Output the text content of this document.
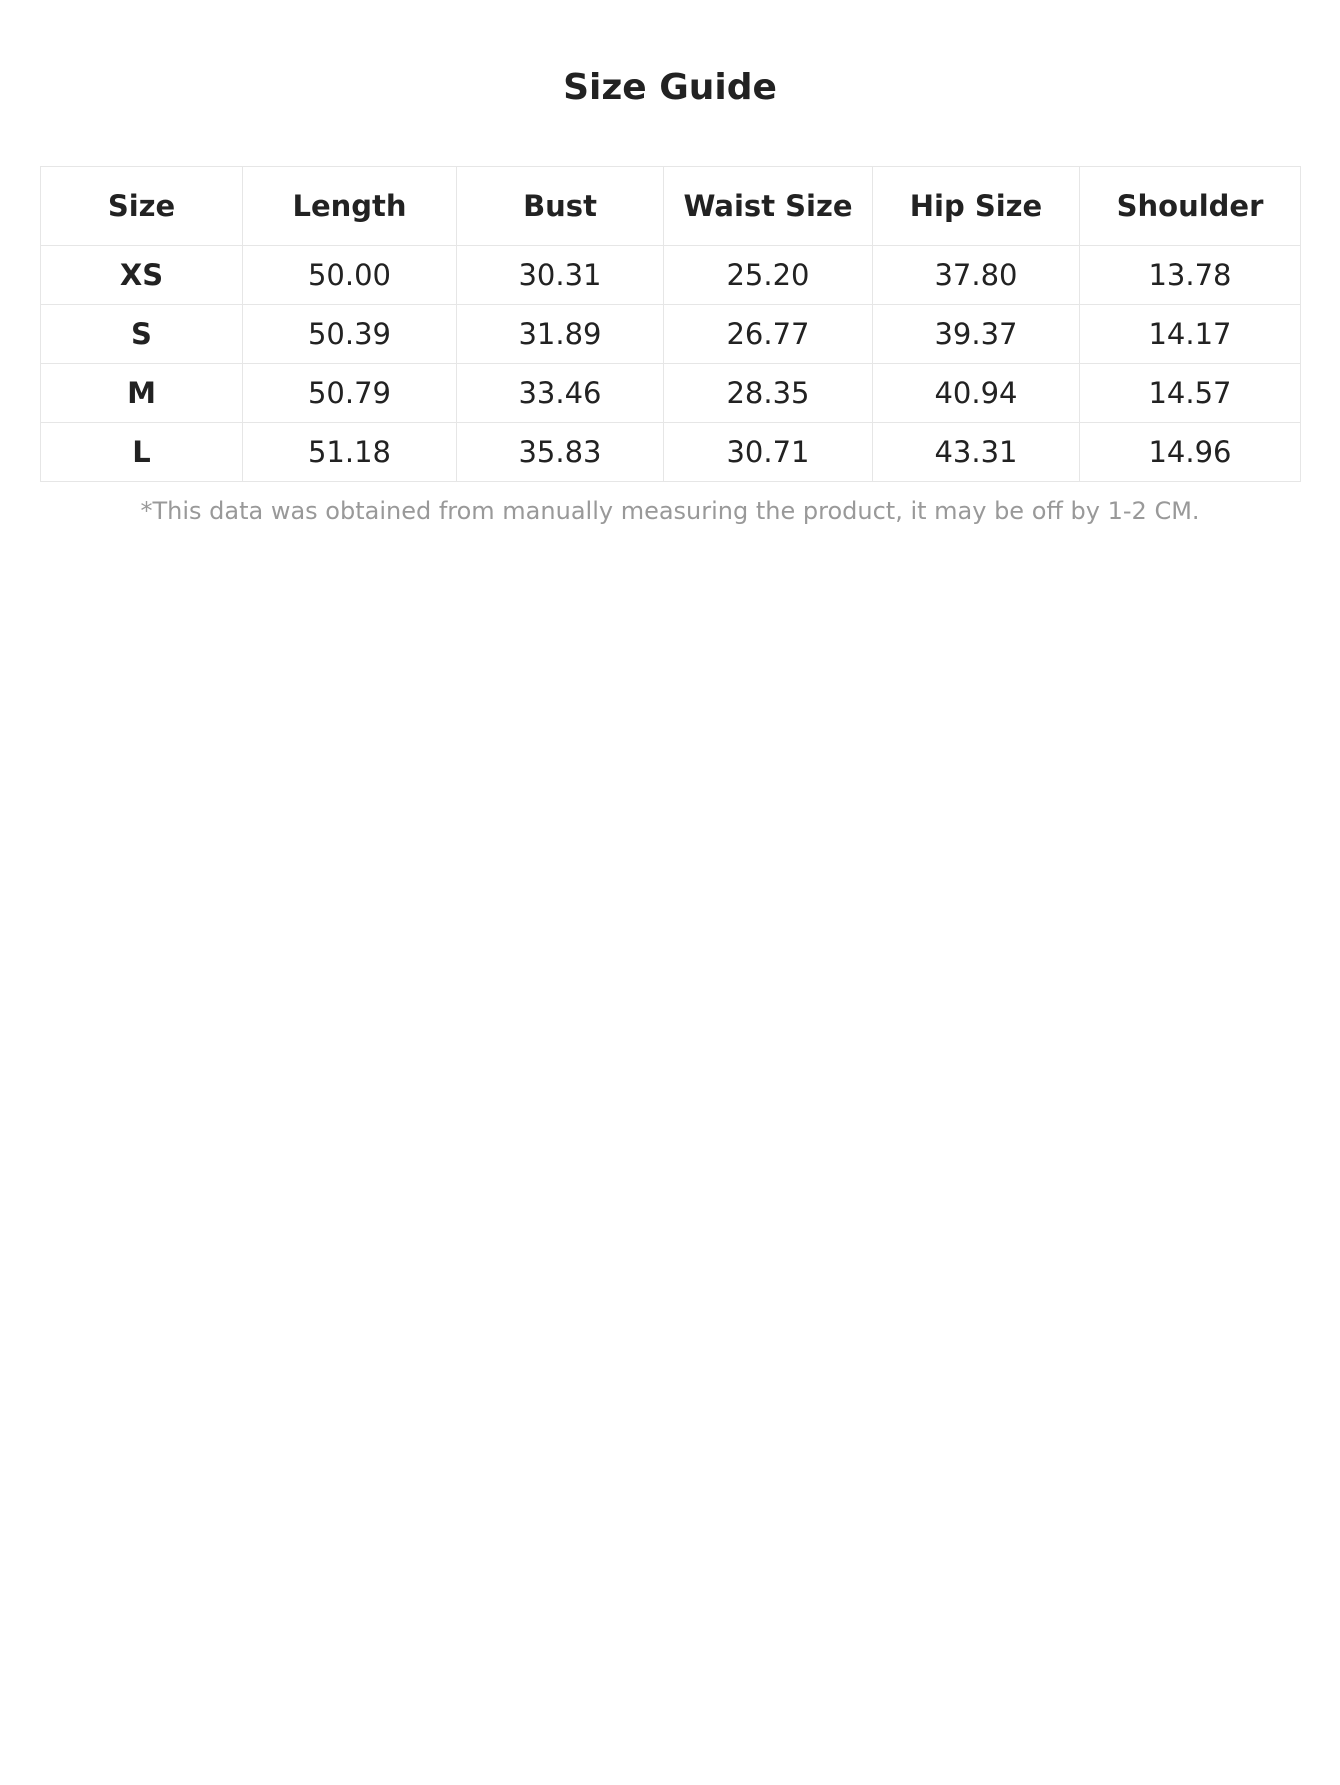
Size Guide
Size	Length	Bust	Waist Size	Hip Size	Shoulder
XS	50.00	30.31	25.20	37.80	13.78
S	50.39	31.89	26.77	39.37	14.17
M	50.79	33.46	28.35	40.94	14.57
L	51.18	35.83	30.71	43.31	14.96

*This data was obtained from manually measuring the product, it may be off by 1-2 CM.
